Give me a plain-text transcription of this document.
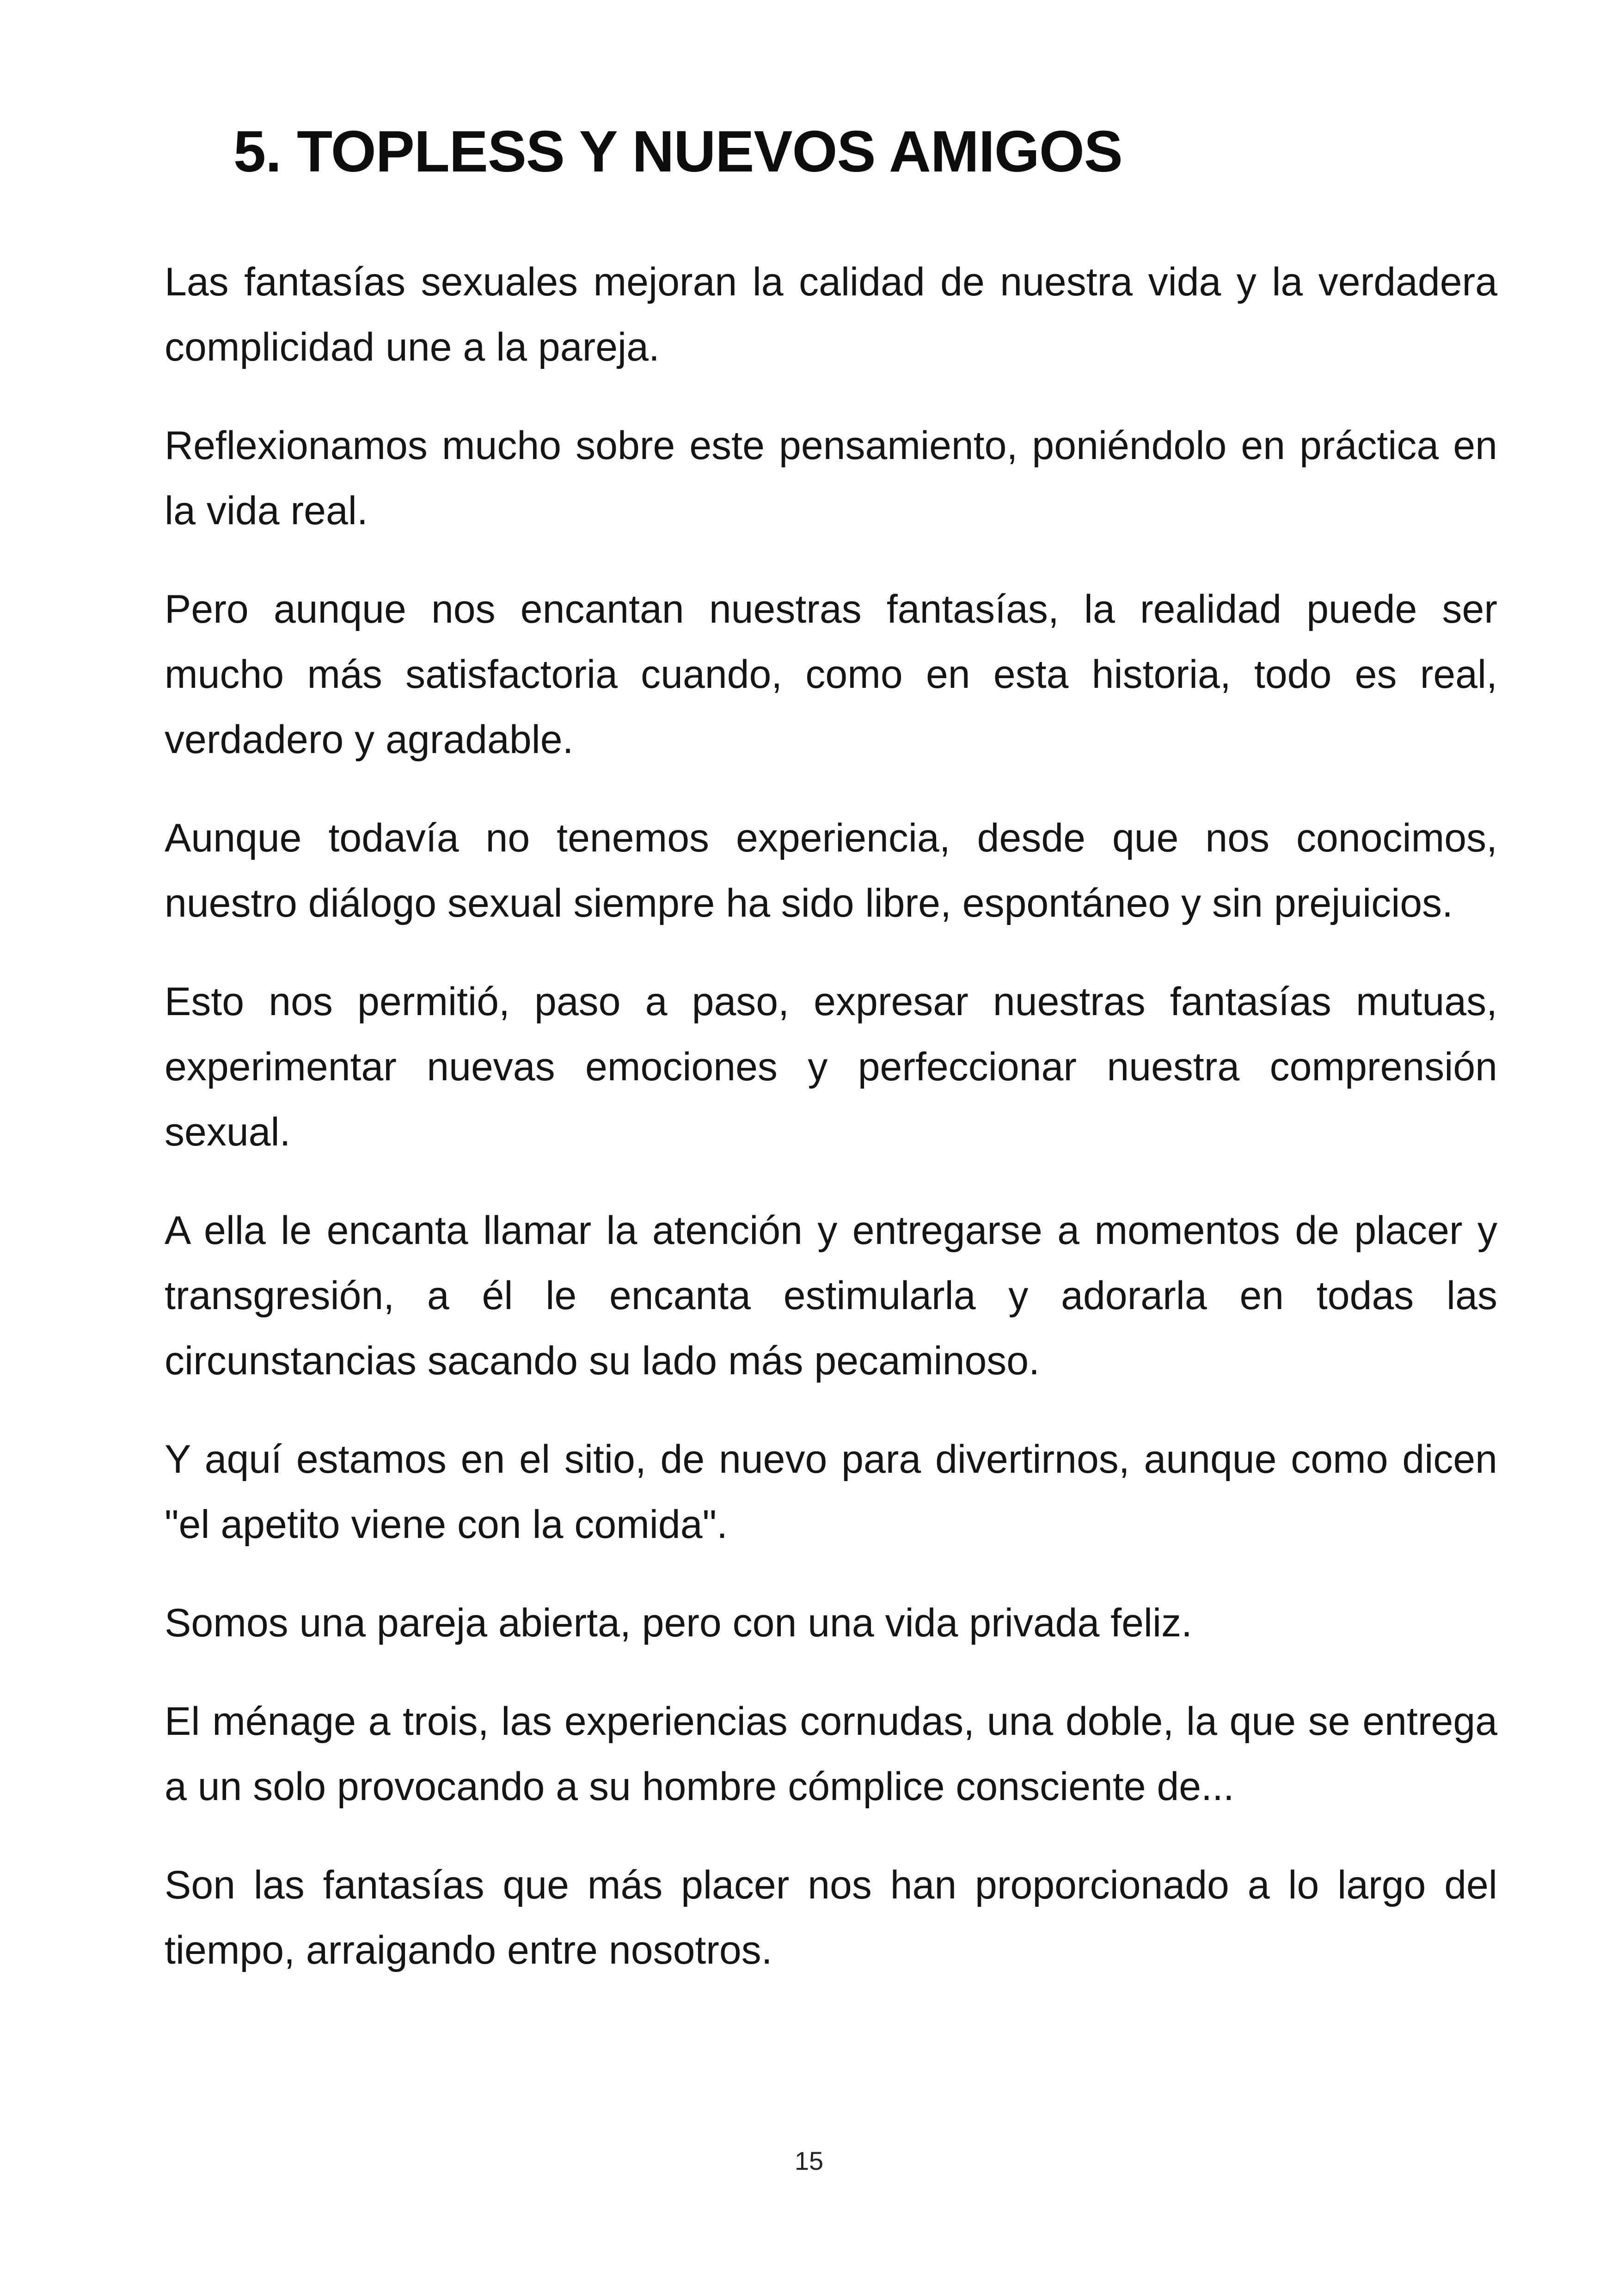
5. TOPLESS Y NUEVOS AMIGOS

Las fantasías sexuales mejoran la calidad de nuestra vida y la verdadera complicidad une a la pareja.

Reflexionamos mucho sobre este pensamiento, poniéndolo en práctica en la vida real.

Pero aunque nos encantan nuestras fantasías, la realidad puede ser mucho más satisfactoria cuando, como en esta historia, todo es real, verdadero y agradable.

Aunque todavía no tenemos experiencia, desde que nos conocimos, nuestro diálogo sexual siempre ha sido libre, espontáneo y sin prejuicios.

Esto nos permitió, paso a paso, expresar nuestras fantasías mutuas, experimentar nuevas emociones y perfeccionar nuestra comprensión sexual.

A ella le encanta llamar la atención y entregarse a momentos de placer y transgresión, a él le encanta estimularla y adorarla en todas las circunstancias sacando su lado más pecaminoso.

Y aquí estamos en el sitio, de nuevo para divertirnos, aunque como dicen "el apetito viene con la comida".

Somos una pareja abierta, pero con una vida privada feliz.

El ménage a trois, las experiencias cornudas, una doble, la que se entrega a un solo provocando a su hombre cómplice consciente de...

Son las fantasías que más placer nos han proporcionado a lo largo del tiempo, arraigando entre nosotros.

15
